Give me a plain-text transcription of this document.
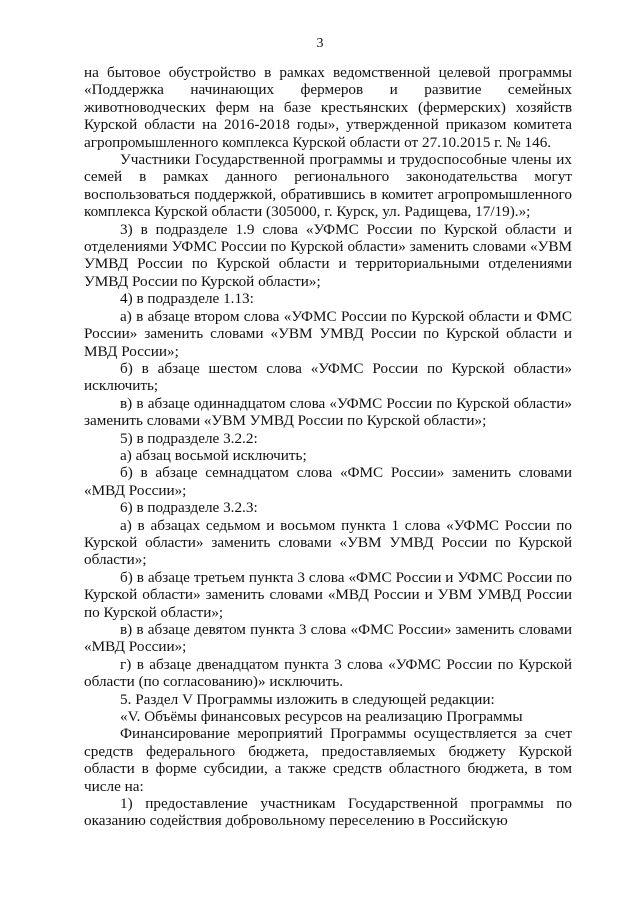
3

на бытовое обустройство в рамках ведомственной целевой программы «Поддержка начинающих фермеров и развитие семейных животноводческих ферм на базе крестьянских (фермерских) хозяйств Курской области на 2016-2018 годы», утвержденной приказом комитета агропромышленного комплекса Курской области от 27.10.2015 г. № 146.

Участники Государственной программы и трудоспособные члены их семей в рамках данного регионального законодательства могут воспользоваться поддержкой, обратившись в комитет агропромышленного комплекса Курской области (305000, г. Курск, ул. Радищева, 17/19).»;

3) в подразделе 1.9 слова «УФМС России по Курской области и отделениями УФМС России по Курской области» заменить словами «УВМ УМВД России по Курской области и территориальными отделениями УМВД России по Курской области»;

4) в подразделе 1.13:

а) в абзаце втором слова «УФМС России по Курской области и ФМС России» заменить словами «УВМ УМВД России по Курской области и МВД России»;

б) в абзаце шестом слова «УФМС России по Курской области» исключить;

в) в абзаце одиннадцатом слова «УФМС России по Курской области» заменить словами «УВМ УМВД России по Курской области»;

5) в подразделе 3.2.2:

а) абзац восьмой исключить;

б) в абзаце семнадцатом слова «ФМС России» заменить словами «МВД России»;

6) в подразделе 3.2.3:

а) в абзацах седьмом и восьмом пункта 1 слова «УФМС России по Курской области» заменить словами «УВМ УМВД России по Курской области»;

б) в абзаце третьем пункта 3 слова «ФМС России и УФМС России по Курской области» заменить словами «МВД России и УВМ УМВД России по Курской области»;

в) в абзаце девятом пункта 3 слова «ФМС России» заменить словами «МВД России»;

г) в абзаце двенадцатом пункта 3 слова «УФМС России по Курской области (по согласованию)» исключить.

5. Раздел V Программы изложить в следующей редакции:

«V. Объёмы финансовых ресурсов на реализацию Программы

Финансирование мероприятий Программы осуществляется за счет средств федерального бюджета, предоставляемых бюджету Курской области в форме субсидии, а также средств областного бюджета, в том числе на:

1) предоставление участникам Государственной программы по оказанию содействия добровольному переселению в Российскую
